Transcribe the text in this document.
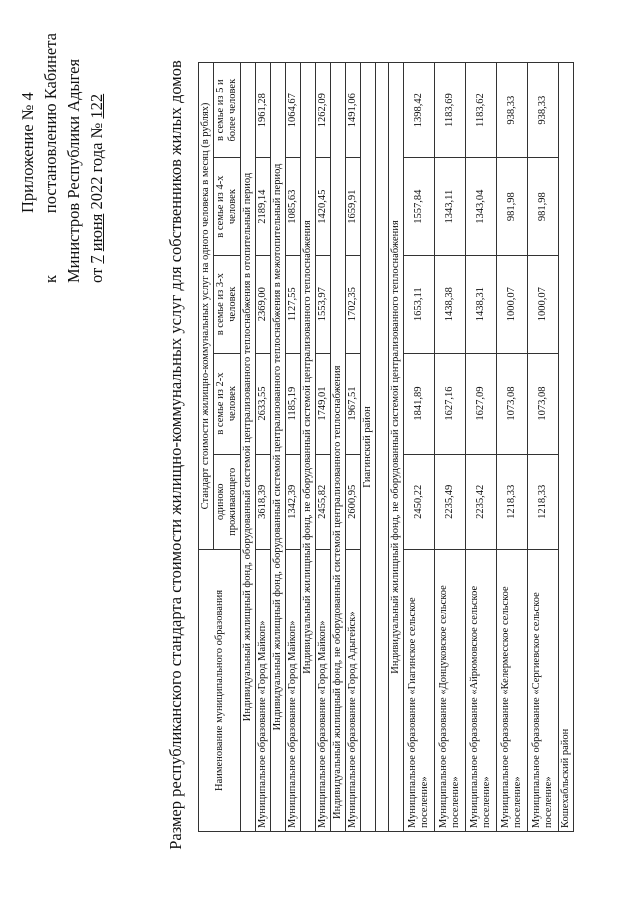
Приложение № 4
к
постановлению Кабинета Министров Республики Адыгея от 7 июня 2022 года № 122	Размер республиканского стандарта стоимости жилищно-коммунальных услуг для собственников жилых домов	Наименование муниципального образования	Стандарт стоимости жилищно-коммунальных услуг на одного человека в месяц (в рублях)				
	одиноко проживающего	в семье из 2-х человек	в семье из 3-х человек	в семье из 4-х человек	в семье из 5 и более человек
Индивидуальный жилищный фонд, оборудованный системой централизованного теплоснабжения в отопительный период					
Муниципальное образование «Город Майкоп»	3618,39	2633,55	2369,00	2189,14	1961,28
Индивидуальный жилищный фонд, оборудованный системой централизованного теплоснабжения в межотопительный период					
Муниципальное образование «Город Майкоп»	1342,39	1185,19	1127,55	1085,63	1064,67
Индивидуальный жилищный фонд, не оборудованный системой централизованного теплоснабжения					
Муниципальное образование «Город Майкоп»	2455,82	1749,01	1553,97	1420,45	1262,09
Индивидуальный жилищный фонд, не оборудованный системой централизованного теплоснабжения					
Муниципальное образование «Город Адыгейск»	2600,95	1967,51	1702,35	1659,91	1491,06
Гиагинский район					

Индивидуальный жилищный фонд, не оборудованный системой централизованного теплоснабжения					
Муниципальное образование «Гиагинское сельское поселение»	2450,22	1841,89	1653,11	1557,84	1398,42
Муниципальное образование «Донцуковское сельское поселение»	2235,49	1627,16	1438,38	1343,11	1183,69
Муниципальное образование «Айрюмовское сельское поселение»	2235,42	1627,09	1438,31	1343,04	1183,62
Муниципальное образование «Келермесское сельское поселение»	1218,33	1073,08	1000,07	981,98	938,33
Муниципальное образование «Сергиевское сельское поселение»	1218,33	1073,08	1000,07	981,98	938,33
Кошехабльский район					
